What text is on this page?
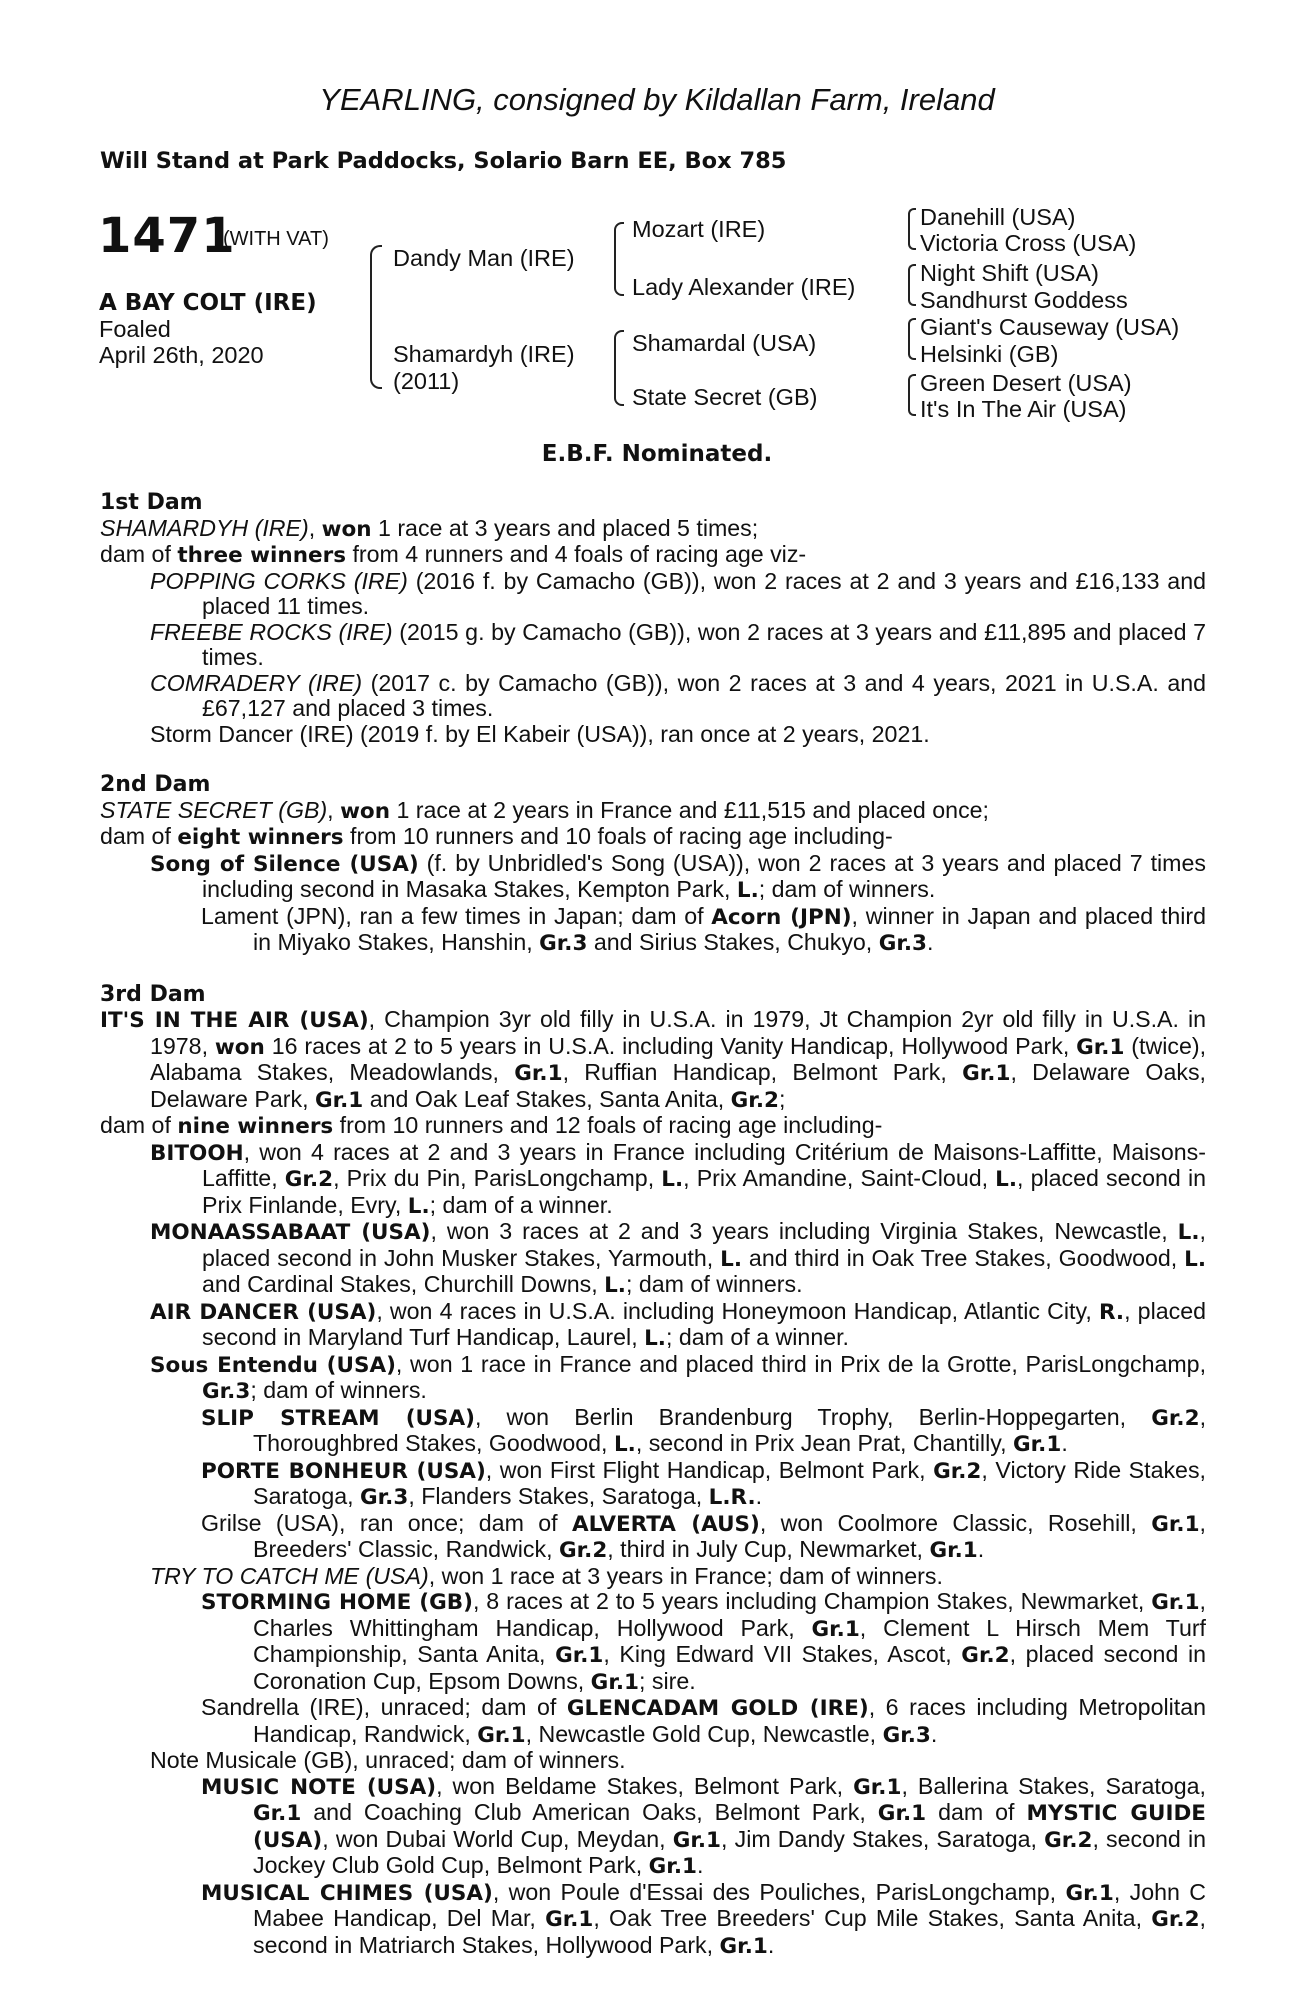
YEARLING, consigned by Kildallan Farm, Ireland
Will Stand at Park Paddocks, Solario Barn EE, Box 785
1471
(WITH VAT)
A BAY COLT (IRE)
Foaled
April 26th, 2020
Dandy Man (IRE)
Shamardyh (IRE)
(2011)
Mozart (IRE)
Lady Alexander (IRE)
Shamardal (USA)
State Secret (GB)
Danehill (USA)
Victoria Cross (USA)
Night Shift (USA)
Sandhurst Goddess
Giant's Causeway (USA)
Helsinki (GB)
Green Desert (USA)
It's In The Air (USA)
E.B.F. Nominated.
1st Dam
SHAMARDYH (IRE), won 1 race at 3 years and placed 5 times;
dam of three winners from 4 runners and 4 foals of racing age viz-
POPPING CORKS (IRE) (2016 f. by Camacho (GB)), won 2 races at 2 and 3 years and £16,133 and placed 11 times.
FREEBE ROCKS (IRE) (2015 g. by Camacho (GB)), won 2 races at 3 years and £11,895 and placed 7 times.
COMRADERY (IRE) (2017 c. by Camacho (GB)), won 2 races at 3 and 4 years, 2021 in U.S.A. and £67,127 and placed 3 times.
Storm Dancer (IRE) (2019 f. by El Kabeir (USA)), ran once at 2 years, 2021.
2nd Dam
STATE SECRET (GB), won 1 race at 2 years in France and £11,515 and placed once;
dam of eight winners from 10 runners and 10 foals of racing age including-
Song of Silence (USA) (f. by Unbridled's Song (USA)), won 2 races at 3 years and placed 7 times including second in Masaka Stakes, Kempton Park, L.; dam of winners.
Lament (JPN), ran a few times in Japan; dam of Acorn (JPN), winner in Japan and placed third in Miyako Stakes, Hanshin, Gr.3 and Sirius Stakes, Chukyo, Gr.3.
3rd Dam
IT'S IN THE AIR (USA), Champion 3yr old filly in U.S.A. in 1979, Jt Champion 2yr old filly in U.S.A. in 1978, won 16 races at 2 to 5 years in U.S.A. including Vanity Handicap, Hollywood Park, Gr.1 (twice), Alabama Stakes, Meadowlands, Gr.1, Ruffian Handicap, Belmont Park, Gr.1, Delaware Oaks, Delaware Park, Gr.1 and Oak Leaf Stakes, Santa Anita, Gr.2;
dam of nine winners from 10 runners and 12 foals of racing age including-
BITOOH, won 4 races at 2 and 3 years in France including Critérium de Maisons-Laffitte, Maisons-Laffitte, Gr.2, Prix du Pin, ParisLongchamp, L., Prix Amandine, Saint-Cloud, L., placed second in Prix Finlande, Evry, L.; dam of a winner.
MONAASSABAAT (USA), won 3 races at 2 and 3 years including Virginia Stakes, Newcastle, L., placed second in John Musker Stakes, Yarmouth, L. and third in Oak Tree Stakes, Goodwood, L. and Cardinal Stakes, Churchill Downs, L.; dam of winners.
AIR DANCER (USA), won 4 races in U.S.A. including Honeymoon Handicap, Atlantic City, R., placed second in Maryland Turf Handicap, Laurel, L.; dam of a winner.
Sous Entendu (USA), won 1 race in France and placed third in Prix de la Grotte, ParisLongchamp, Gr.3; dam of winners.
SLIP STREAM (USA), won Berlin Brandenburg Trophy, Berlin-Hoppegarten, Gr.2, Thoroughbred Stakes, Goodwood, L., second in Prix Jean Prat, Chantilly, Gr.1.
PORTE BONHEUR (USA), won First Flight Handicap, Belmont Park, Gr.2, Victory Ride Stakes, Saratoga, Gr.3, Flanders Stakes, Saratoga, L.R..
Grilse (USA), ran once; dam of ALVERTA (AUS), won Coolmore Classic, Rosehill, Gr.1, Breeders' Classic, Randwick, Gr.2, third in July Cup, Newmarket, Gr.1.
TRY TO CATCH ME (USA), won 1 race at 3 years in France; dam of winners.
STORMING HOME (GB), 8 races at 2 to 5 years including Champion Stakes, Newmarket, Gr.1, Charles Whittingham Handicap, Hollywood Park, Gr.1, Clement L Hirsch Mem Turf Championship, Santa Anita, Gr.1, King Edward VII Stakes, Ascot, Gr.2, placed second in Coronation Cup, Epsom Downs, Gr.1; sire.
Sandrella (IRE), unraced; dam of GLENCADAM GOLD (IRE), 6 races including Metropolitan Handicap, Randwick, Gr.1, Newcastle Gold Cup, Newcastle, Gr.3.
Note Musicale (GB), unraced; dam of winners.
MUSIC NOTE (USA), won Beldame Stakes, Belmont Park, Gr.1, Ballerina Stakes, Saratoga, Gr.1 and Coaching Club American Oaks, Belmont Park, Gr.1 dam of MYSTIC GUIDE (USA), won Dubai World Cup, Meydan, Gr.1, Jim Dandy Stakes, Saratoga, Gr.2, second in Jockey Club Gold Cup, Belmont Park, Gr.1.
MUSICAL CHIMES (USA), won Poule d'Essai des Pouliches, ParisLongchamp, Gr.1, John C Mabee Handicap, Del Mar, Gr.1, Oak Tree Breeders' Cup Mile Stakes, Santa Anita, Gr.2, second in Matriarch Stakes, Hollywood Park, Gr.1.
